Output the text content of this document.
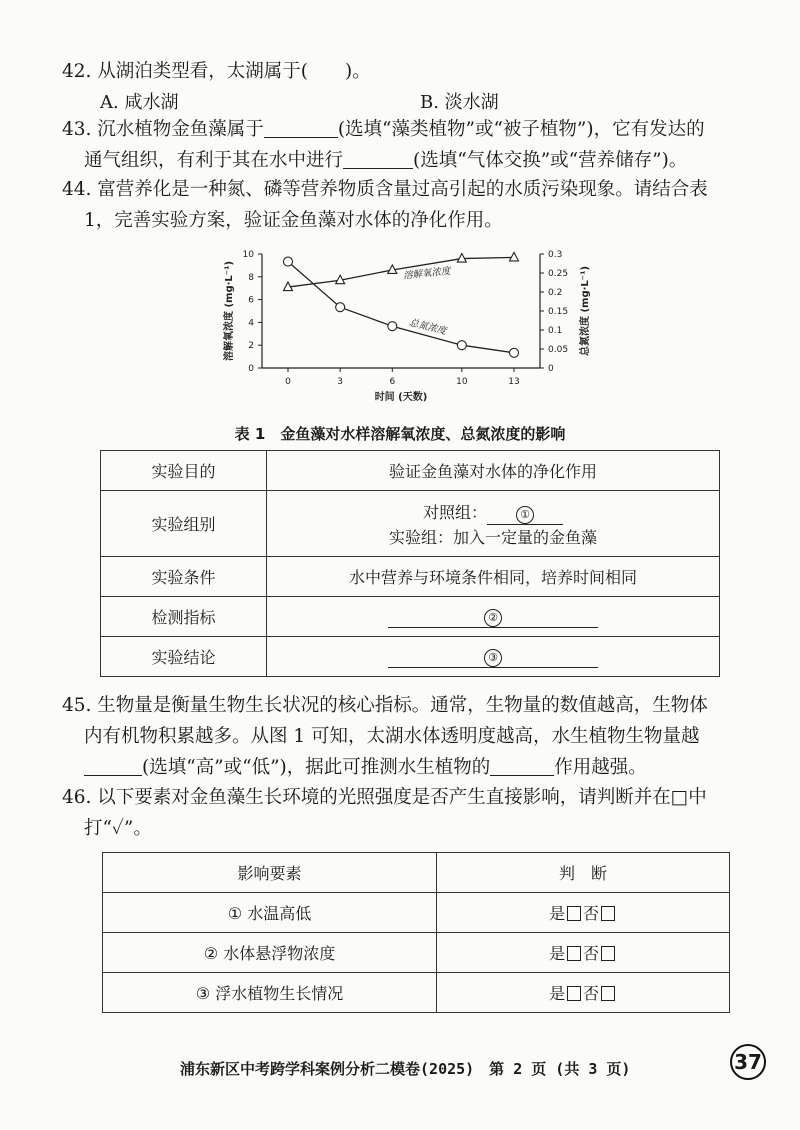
42. 从湖泊类型看，太湖属于(　　)。
A. 咸水湖	B. 淡水湖
43. 沉水植物金鱼藻属于	(选填“藻类植物”或“被子植物”)，它有发达的
通气组织，有利于其在水中进行	(选填“气体交换”或“营养储存”)。
44. 富营养化是一种氮、磷等营养物质含量过高引起的水质污染现象。请结合表
1，完善实验方案，验证金鱼藻对水体的净化作用。
0
2
4
6
8
10
0
0.05
0.1
0.15
0.2
0.25
0.3
0	3	6	10	13
时间 (天数)
溶解氧浓度 (mg·L⁻¹)	总氮浓度 (mg·L⁻¹)
溶解氧浓度
总氮浓度
表 1　金鱼藻对水样溶解氧浓度、总氮浓度的影响
实验目的	验证金鱼藻对水体的净化作用
实验组别	对照组： ①
实验组：加入一定量的金鱼藻

实验条件	水中营养与环境条件相同，培养时间相同
检测指标	②
实验结论	③
45. 生物量是衡量生物生长状况的核心指标。通常，生物量的数值越高，生物体
内有机物积累越多。从图 1 可知，太湖水体透明度越高，水生植物生物量越
(选填“高”或“低”)，据此可推测水生植物的	作用越强。
46. 以下要素对金鱼藻生长环境的光照强度是否产生直接影响，请判断并在□中
打“✓”。
影响要素	判　断
① 水温高低	是 否
② 水体悬浮物浓度	是 否
③ 浮水植物生长情况	是 否
浦东新区中考跨学科案例分析二模卷(2025)　第 2 页 (共 3 页)	37
